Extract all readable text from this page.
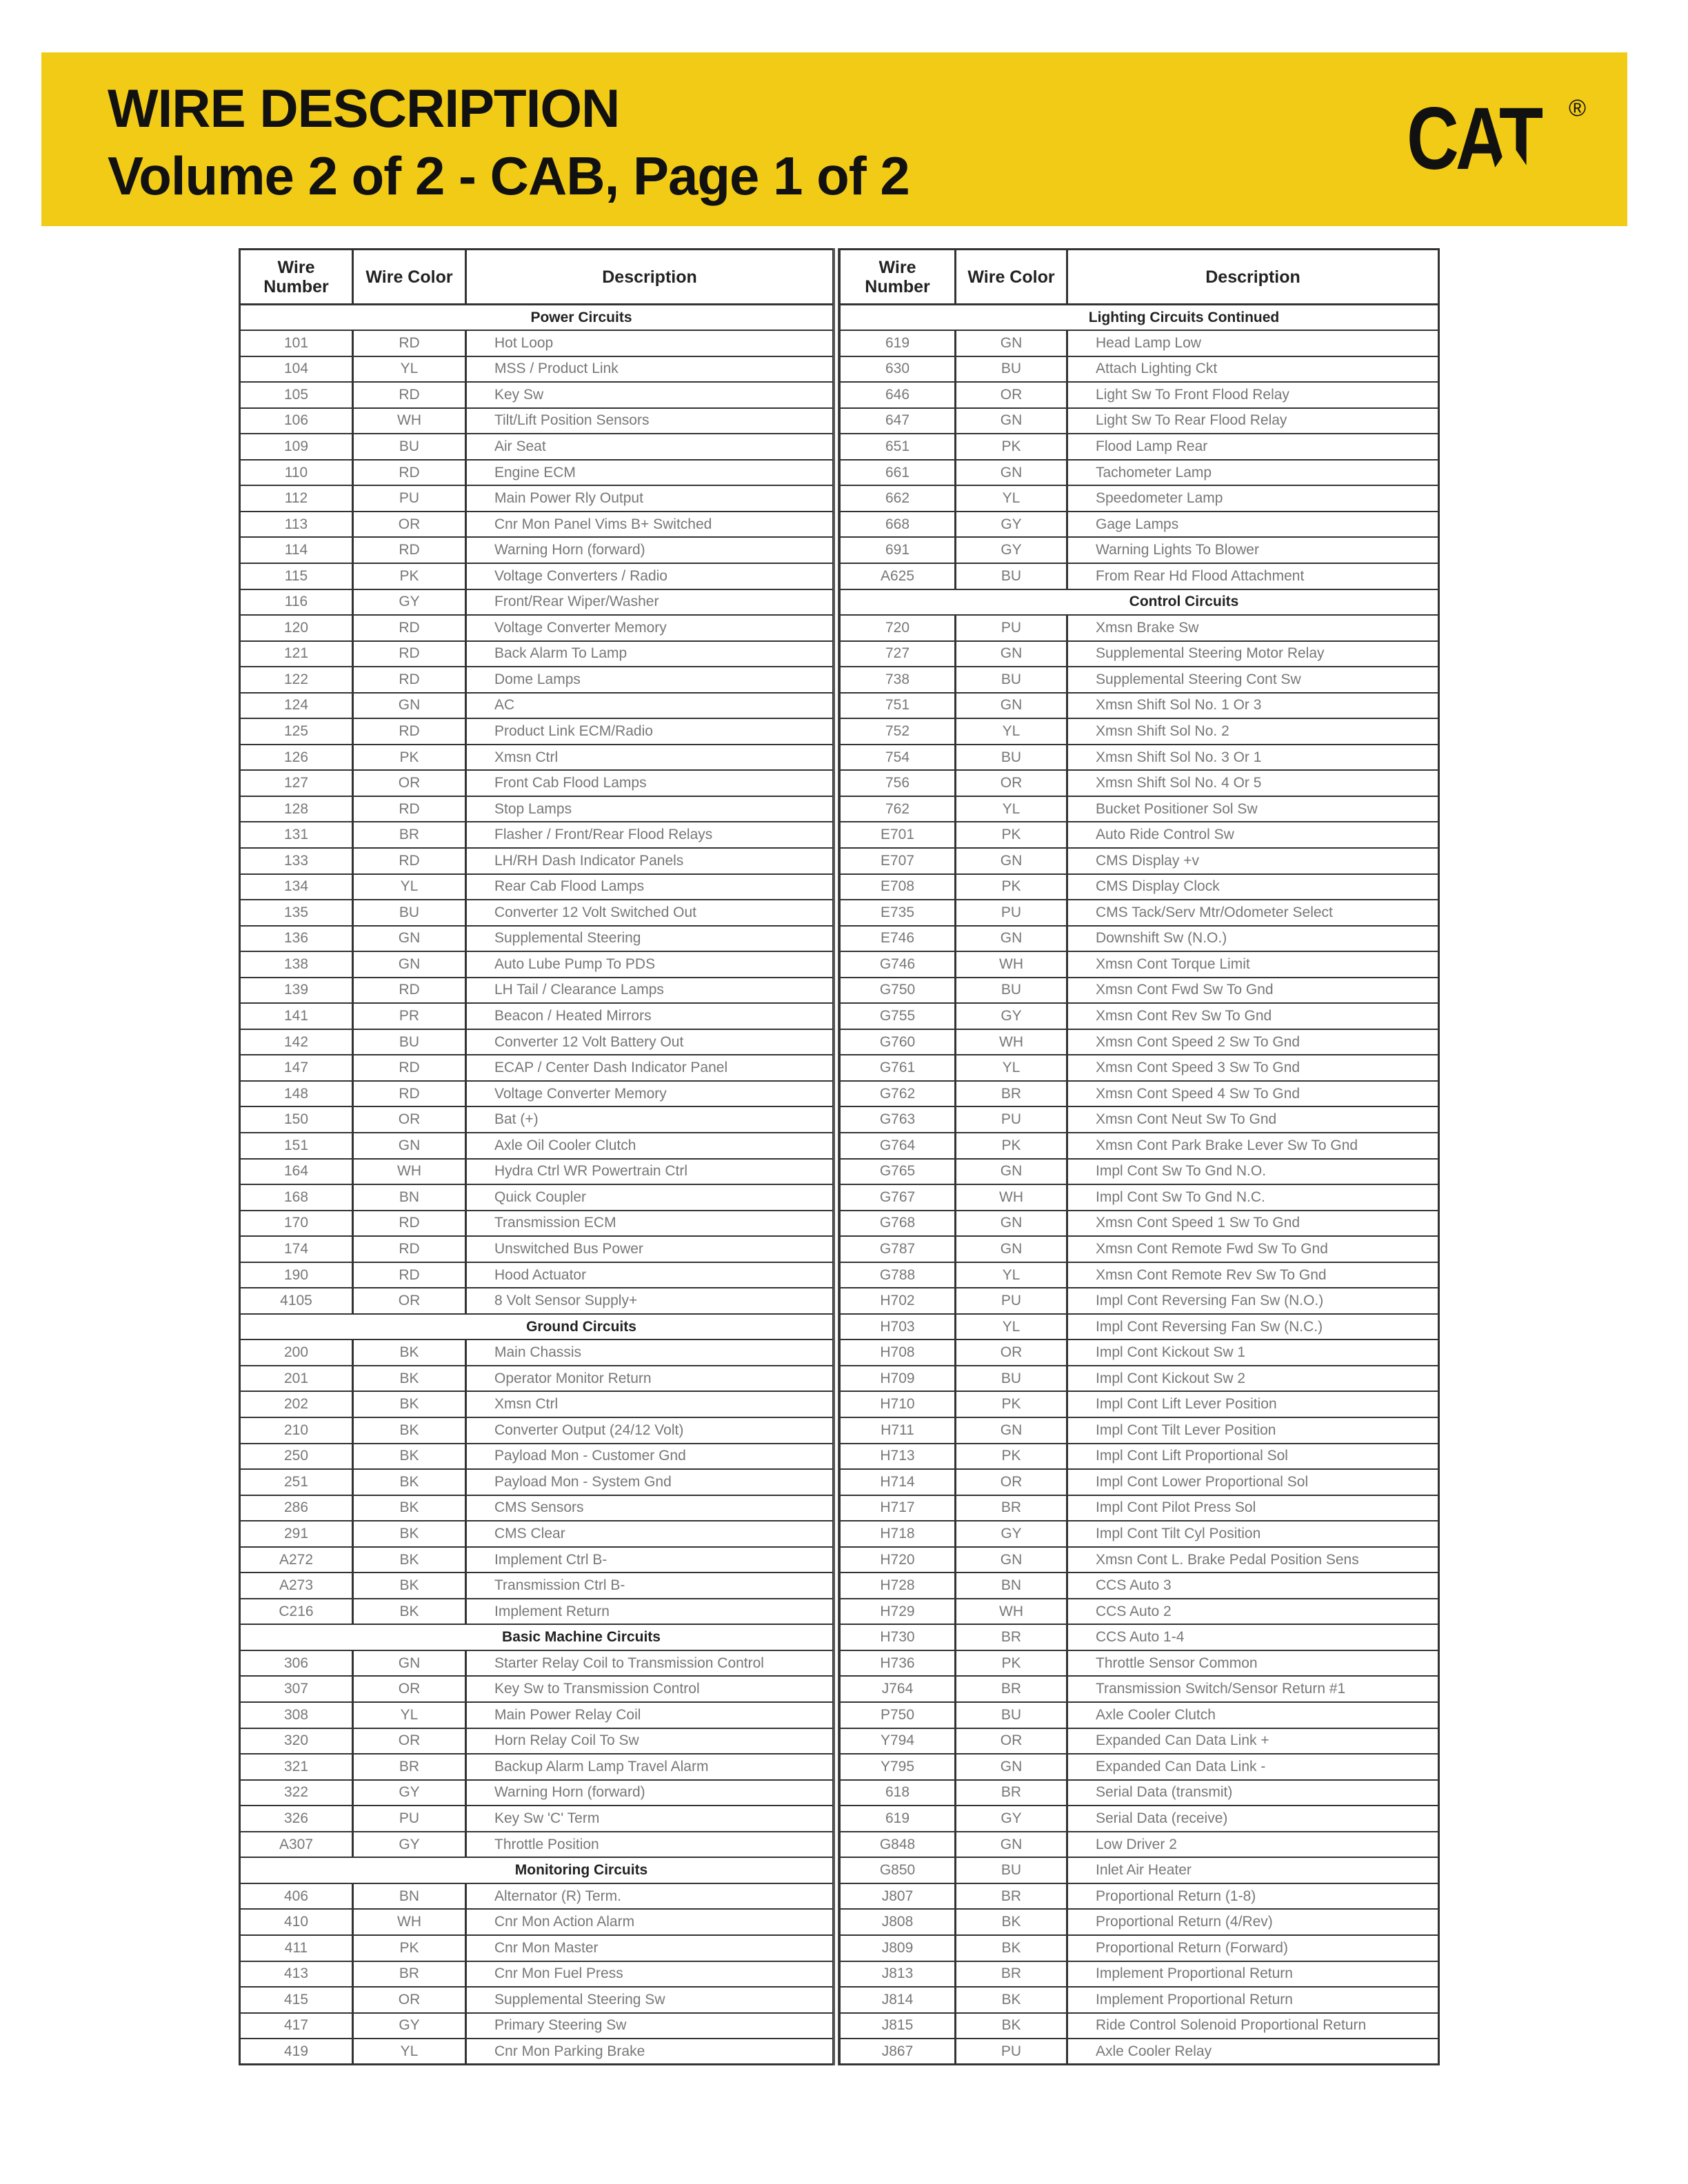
WIRE DESCRIPTION
Volume 2 of 2 - CAB, Page 1 of 2	CAT ®
Wire Number	Wire Color	Description
Power Circuits		
101	RD	Hot Loop
104	YL	MSS / Product Link
105	RD	Key Sw
106	WH	Tilt/Lift Position Sensors
109	BU	Air Seat
110	RD	Engine ECM
112	PU	Main Power Rly Output
113	OR	Cnr Mon Panel Vims B+ Switched
114	RD	Warning Horn (forward)
115	PK	Voltage Converters / Radio
116	GY	Front/Rear Wiper/Washer
120	RD	Voltage Converter Memory
121	RD	Back Alarm To Lamp
122	RD	Dome Lamps
124	GN	AC
125	RD	Product Link ECM/Radio
126	PK	Xmsn Ctrl
127	OR	Front Cab Flood Lamps
128	RD	Stop Lamps
131	BR	Flasher / Front/Rear Flood Relays
133	RD	LH/RH Dash Indicator Panels
134	YL	Rear Cab Flood Lamps
135	BU	Converter 12 Volt Switched Out
136	GN	Supplemental Steering
138	GN	Auto Lube Pump To PDS
139	RD	LH Tail / Clearance Lamps
141	PR	Beacon / Heated Mirrors
142	BU	Converter 12 Volt Battery Out
147	RD	ECAP / Center Dash Indicator Panel
148	RD	Voltage Converter Memory
150	OR	Bat (+)
151	GN	Axle Oil Cooler Clutch
164	WH	Hydra Ctrl WR Powertrain Ctrl
168	BN	Quick Coupler
170	RD	Transmission ECM
174	RD	Unswitched Bus Power
190	RD	Hood Actuator
4105	OR	8 Volt Sensor Supply+
Ground Circuits		
200	BK	Main Chassis
201	BK	Operator Monitor Return
202	BK	Xmsn Ctrl
210	BK	Converter Output (24/12 Volt)
250	BK	Payload Mon - Customer Gnd
251	BK	Payload Mon - System Gnd
286	BK	CMS Sensors
291	BK	CMS Clear
A272	BK	Implement Ctrl B-
A273	BK	Transmission Ctrl B-
C216	BK	Implement Return
Basic Machine Circuits		
306	GN	Starter Relay Coil to Transmission Control
307	OR	Key Sw to Transmission Control
308	YL	Main Power Relay Coil
320	OR	Horn Relay Coil To Sw
321	BR	Backup Alarm Lamp Travel Alarm
322	GY	Warning Horn (forward)
326	PU	Key Sw 'C' Term
A307	GY	Throttle Position
Monitoring Circuits		
406	BN	Alternator (R) Term.
410	WH	Cnr Mon Action Alarm
411	PK	Cnr Mon Master
413	BR	Cnr Mon Fuel Press
415	OR	Supplemental Steering Sw
417	GY	Primary Steering Sw
419	YL	Cnr Mon Parking Brake
Wire Number	Wire Color	Description
Lighting Circuits Continued		
619	GN	Head Lamp Low
630	BU	Attach Lighting Ckt
646	OR	Light Sw To Front Flood Relay
647	GN	Light Sw To Rear Flood Relay
651	PK	Flood Lamp Rear
661	GN	Tachometer Lamp
662	YL	Speedometer Lamp
668	GY	Gage Lamps
691	GY	Warning Lights To Blower
A625	BU	From Rear Hd Flood Attachment
Control Circuits		
720	PU	Xmsn Brake Sw
727	GN	Supplemental Steering Motor Relay
738	BU	Supplemental Steering Cont Sw
751	GN	Xmsn Shift Sol No. 1 Or 3
752	YL	Xmsn Shift Sol No. 2
754	BU	Xmsn Shift Sol No. 3 Or 1
756	OR	Xmsn Shift Sol No. 4 Or 5
762	YL	Bucket Positioner Sol Sw
E701	PK	Auto Ride Control Sw
E707	GN	CMS Display +v
E708	PK	CMS Display Clock
E735	PU	CMS Tack/Serv Mtr/Odometer Select
E746	GN	Downshift Sw (N.O.)
G746	WH	Xmsn Cont Torque Limit
G750	BU	Xmsn Cont Fwd Sw To Gnd
G755	GY	Xmsn Cont Rev Sw To Gnd
G760	WH	Xmsn Cont Speed 2 Sw To Gnd
G761	YL	Xmsn Cont Speed 3 Sw To Gnd
G762	BR	Xmsn Cont Speed 4 Sw To Gnd
G763	PU	Xmsn Cont Neut Sw To Gnd
G764	PK	Xmsn Cont Park Brake Lever Sw To Gnd
G765	GN	Impl Cont Sw To Gnd N.O.
G767	WH	Impl Cont Sw To Gnd N.C.
G768	GN	Xmsn Cont Speed 1 Sw To Gnd
G787	GN	Xmsn Cont Remote Fwd Sw To Gnd
G788	YL	Xmsn Cont Remote Rev Sw To Gnd
H702	PU	Impl Cont Reversing Fan Sw (N.O.)
H703	YL	Impl Cont Reversing Fan Sw (N.C.)
H708	OR	Impl Cont Kickout Sw 1
H709	BU	Impl Cont Kickout Sw 2
H710	PK	Impl Cont Lift Lever Position
H711	GN	Impl Cont Tilt Lever Position
H713	PK	Impl Cont Lift Proportional Sol
H714	OR	Impl Cont Lower Proportional Sol
H717	BR	Impl Cont Pilot Press Sol
H718	GY	Impl Cont Tilt Cyl Position
H720	GN	Xmsn Cont L. Brake Pedal Position Sens
H728	BN	CCS Auto 3
H729	WH	CCS Auto 2
H730	BR	CCS Auto 1-4
H736	PK	Throttle Sensor Common
J764	BR	Transmission Switch/Sensor Return #1
P750	BU	Axle Cooler Clutch
Y794	OR	Expanded Can Data Link +
Y795	GN	Expanded Can Data Link -
618	BR	Serial Data (transmit)
619	GY	Serial Data (receive)
G848	GN	Low Driver 2
G850	BU	Inlet Air Heater
J807	BR	Proportional Return (1-8)
J808	BK	Proportional Return (4/Rev)
J809	BK	Proportional Return (Forward)
J813	BR	Implement Proportional Return
J814	BK	Implement Proportional Return
J815	BK	Ride Control Solenoid Proportional Return
J867	PU	Axle Cooler Relay
